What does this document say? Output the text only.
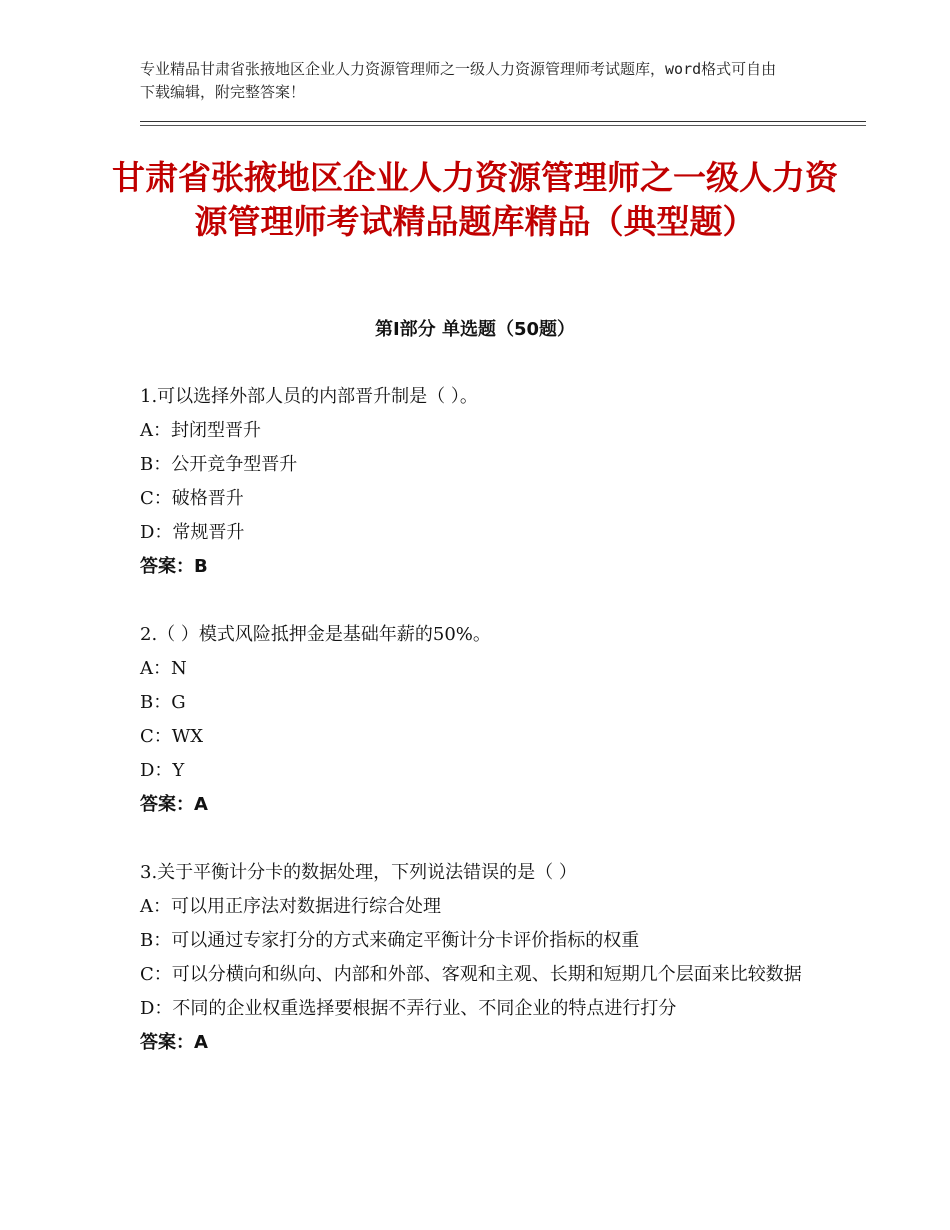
专业精品甘肃省张掖地区企业人力资源管理师之一级人力资源管理师考试题库，word格式可自由下载编辑，附完整答案！
甘肃省张掖地区企业人力资源管理师之一级人力资源管理师考试精品题库精品（典型题）
第Ⅰ部分 单选题（50题）
1.可以选择外部人员的内部晋升制是（ ）。
A：封闭型晋升
B：公开竞争型晋升
C：破格晋升
D：常规晋升
答案：B
2.（ ）模式风险抵押金是基础年薪的50%。
A：N
B：G
C：WX
D：Y
答案：A
3.关于平衡计分卡的数据处理，下列说法错误的是（ ）
A：可以用正序法对数据进行综合处理
B：可以通过专家打分的方式来确定平衡计分卡评价指标的权重
C：可以分横向和纵向、内部和外部、客观和主观、长期和短期几个层面来比较数据
D：不同的企业权重选择要根据不弄行业、不同企业的特点进行打分
答案：A
